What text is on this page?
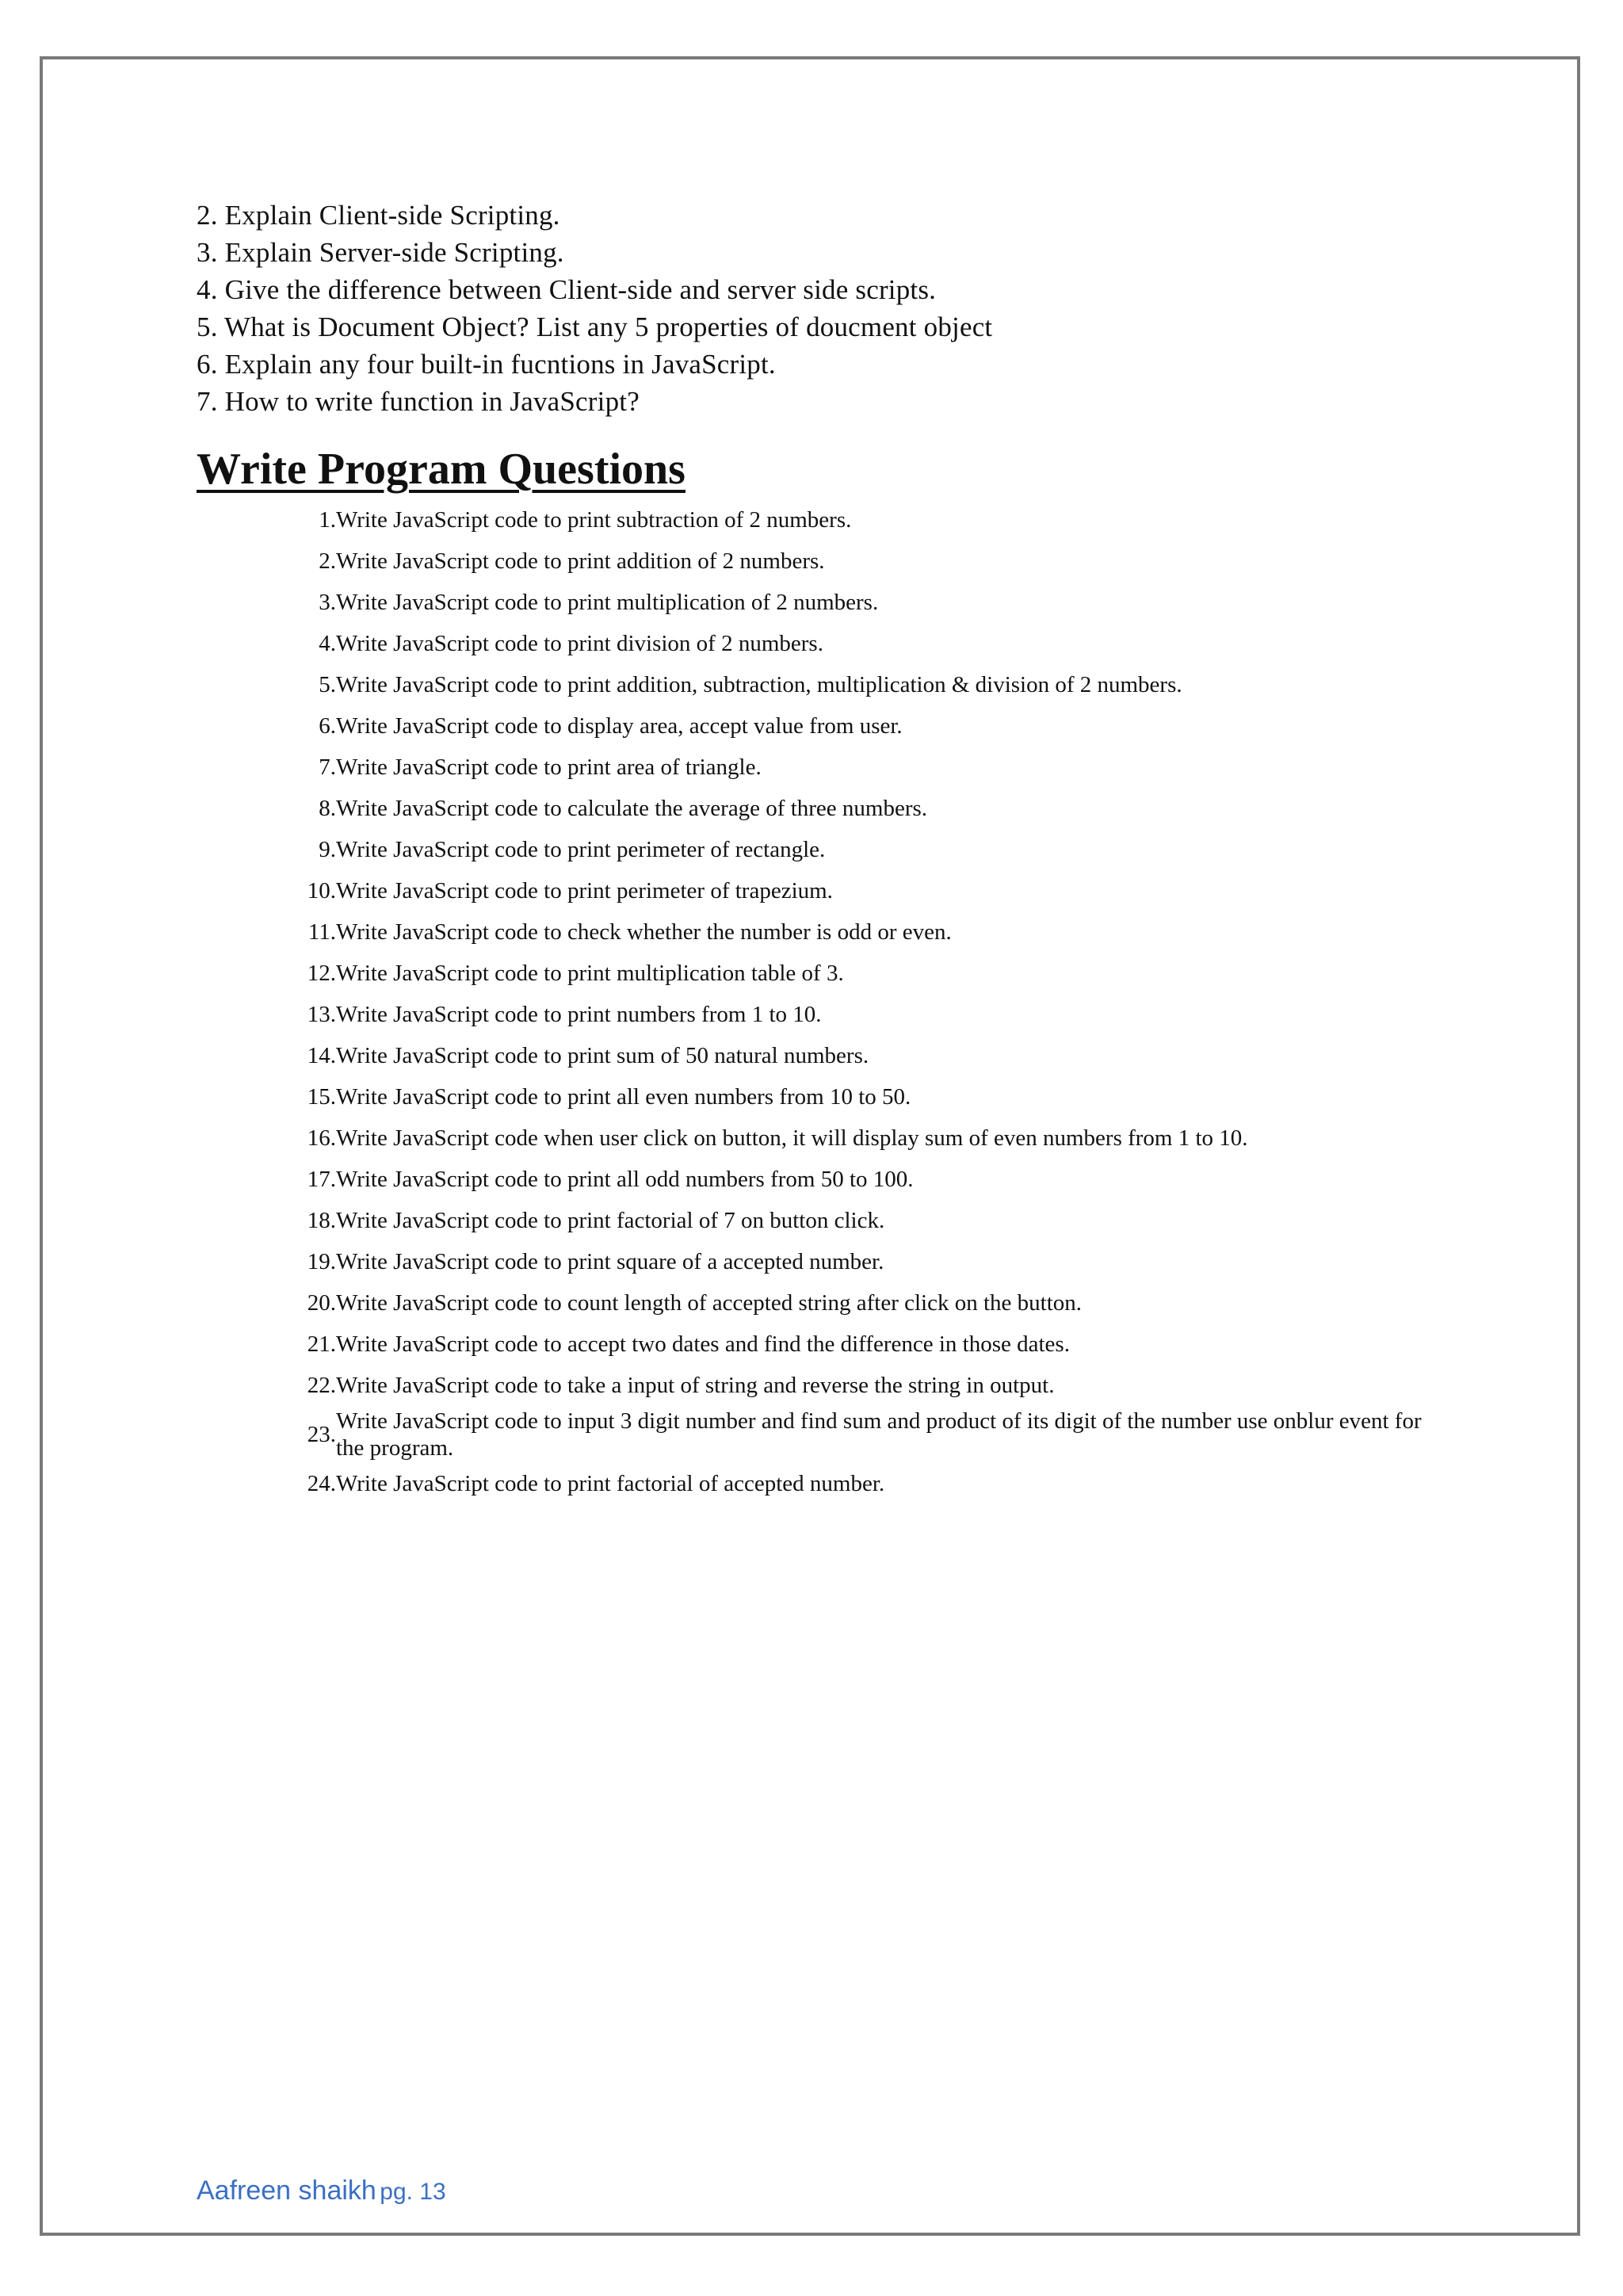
2. Explain Client-side Scripting.
3. Explain Server-side Scripting.
4. Give the difference between Client-side and server side scripts.
5. What is Document Object? List any 5 properties of doucment object
6. Explain any four built-in fucntions in JavaScript.
7. How to write function in JavaScript?
Write Program Questions
1. Write JavaScript code to print subtraction of 2 numbers.
2. Write JavaScript code to print addition of 2 numbers.
3. Write JavaScript code to print multiplication of 2 numbers.
4. Write JavaScript code to print division of 2 numbers.
5. Write JavaScript code to print addition, subtraction, multiplication & division of 2 numbers.
6. Write JavaScript code to display area, accept value from user.
7. Write JavaScript code to print area of triangle.
8. Write JavaScript code to calculate the average of three numbers.
9. Write JavaScript code to print perimeter of rectangle.
10. Write JavaScript code to print perimeter of trapezium.
11. Write JavaScript code to check whether the number is odd or even.
12. Write JavaScript code to print multiplication table of 3.
13. Write JavaScript code to print numbers from 1 to 10.
14. Write JavaScript code to print sum of 50 natural numbers.
15. Write JavaScript code to print all even numbers from 10 to 50.
16. Write JavaScript code when user click on button, it will display sum of even numbers from 1 to 10.
17. Write JavaScript code to print all odd numbers from 50 to 100.
18. Write JavaScript code to print factorial of 7 on button click.
19. Write JavaScript code to print square of a accepted number.
20. Write JavaScript code to count length of accepted string after click on the button.
21. Write JavaScript code to accept two dates and find the difference in those dates.
22. Write JavaScript code to take a input of string and reverse the string in output.
23.
Write JavaScript code to input 3 digit number and find sum and product of its digit of the number use onblur event for the program.
24. Write JavaScript code to print factorial of accepted number.
Aafreen shaikh pg. 13
